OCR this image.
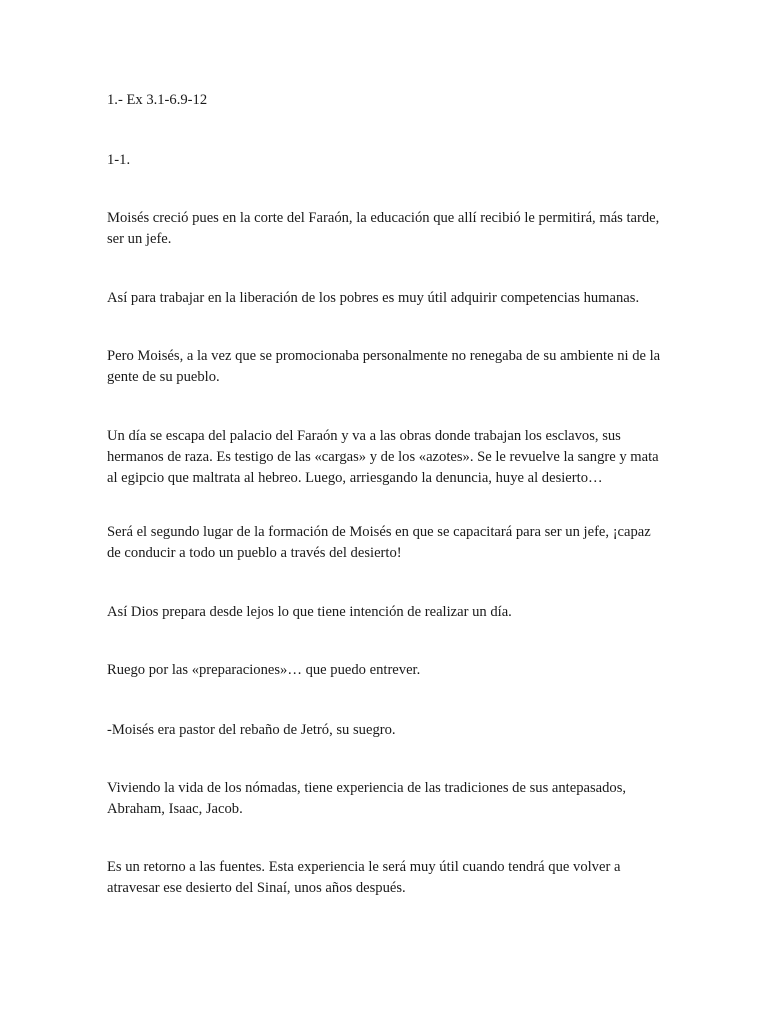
1.- Ex 3.1-6.9-12

1-1.

Moisés creció pues en la corte del Faraón, la educación que allí recibió le permitirá, más tarde, ser un jefe.

Así para trabajar en la liberación de los pobres es muy útil adquirir competencias humanas.

Pero Moisés, a la vez que se promocionaba personalmente no renegaba de su ambiente ni de la gente de su pueblo.

Un día se escapa del palacio del Faraón y va a las obras donde trabajan los esclavos, sus hermanos de raza. Es testigo de las «cargas» y de los «azotes». Se le revuelve la sangre y mata al egipcio que maltrata al hebreo. Luego, arriesgando la denuncia, huye al desierto…

Será el segundo lugar de la formación de Moisés en que se capacitará para ser un jefe, ¡capaz de conducir a todo un pueblo a través del desierto!

Así Dios prepara desde lejos lo que tiene intención de realizar un día.

Ruego por las «preparaciones»… que puedo entrever.

-Moisés era pastor del rebaño de Jetró, su suegro.

Viviendo la vida de los nómadas, tiene experiencia de las tradiciones de sus antepasados, Abraham, Isaac, Jacob.

Es un retorno a las fuentes. Esta experiencia le será muy útil cuando tendrá que volver a atravesar ese desierto del Sinaí, unos años después.
